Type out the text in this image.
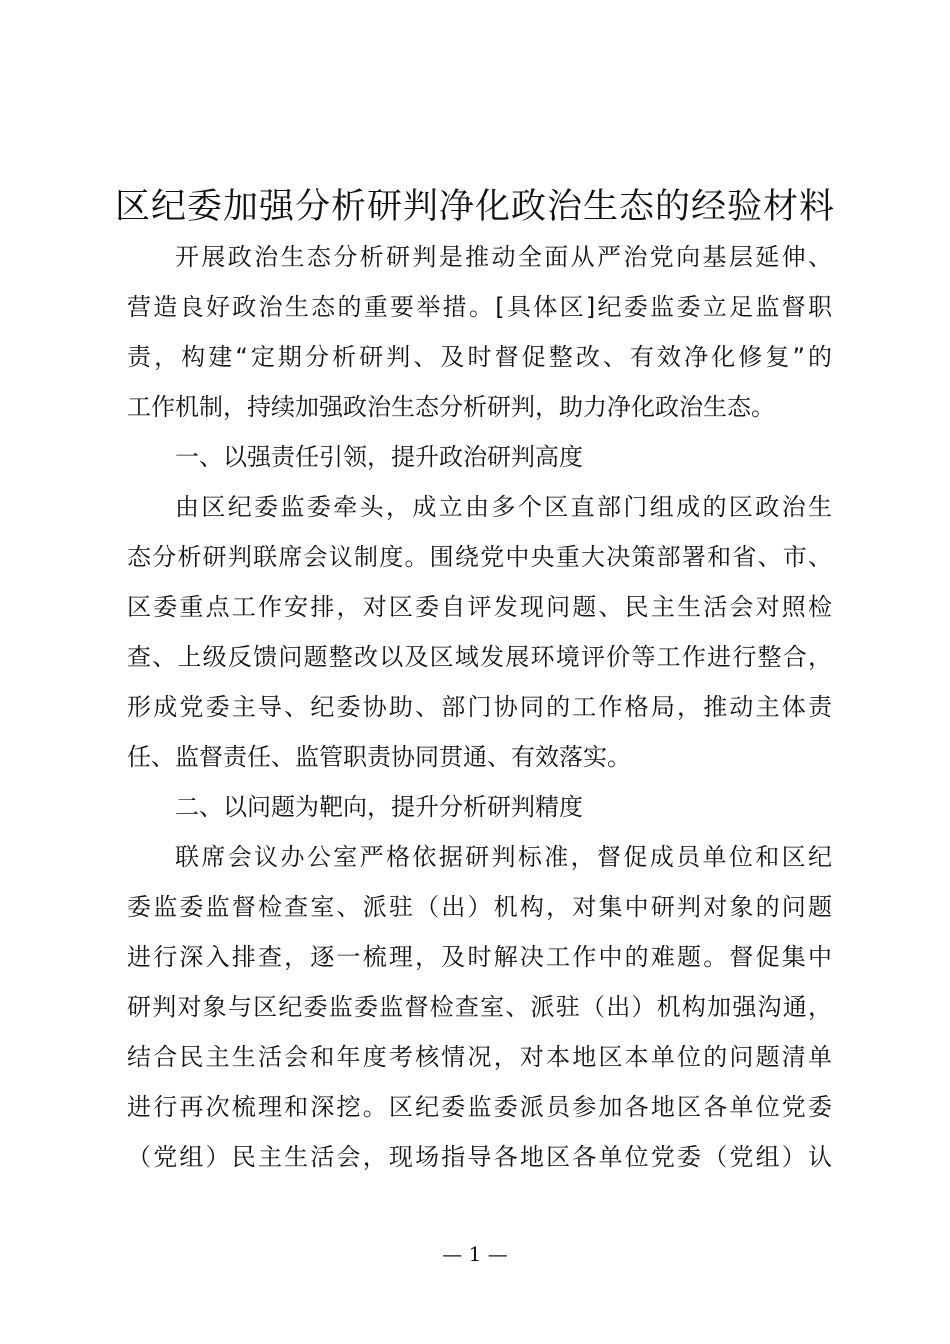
区纪委加强分析研判净化政治生态的经验材料
开展政治生态分析研判是推动全面从严治党向基层延伸、
营造良好政治生态的重要举措。[具体区]纪委监委立足监督职
责，构建“定期分析研判、及时督促整改、有效净化修复”的
工作机制，持续加强政治生态分析研判，助力净化政治生态。
一、以强责任引领，提升政治研判高度
由区纪委监委牵头，成立由多个区直部门组成的区政治生
态分析研判联席会议制度。围绕党中央重大决策部署和省、市、
区委重点工作安排，对区委自评发现问题、民主生活会对照检
查、上级反馈问题整改以及区域发展环境评价等工作进行整合，
形成党委主导、纪委协助、部门协同的工作格局，推动主体责
任、监督责任、监管职责协同贯通、有效落实。
二、以问题为靶向，提升分析研判精度
联席会议办公室严格依据研判标准，督促成员单位和区纪
委监委监督检查室、派驻（出）机构，对集中研判对象的问题
进行深入排查，逐一梳理，及时解决工作中的难题。督促集中
研判对象与区纪委监委监督检查室、派驻（出）机构加强沟通，
结合民主生活会和年度考核情况，对本地区本单位的问题清单
进行再次梳理和深挖。区纪委监委派员参加各地区各单位党委
（党组）民主生活会，现场指导各地区各单位党委（党组）认
— 1 —
